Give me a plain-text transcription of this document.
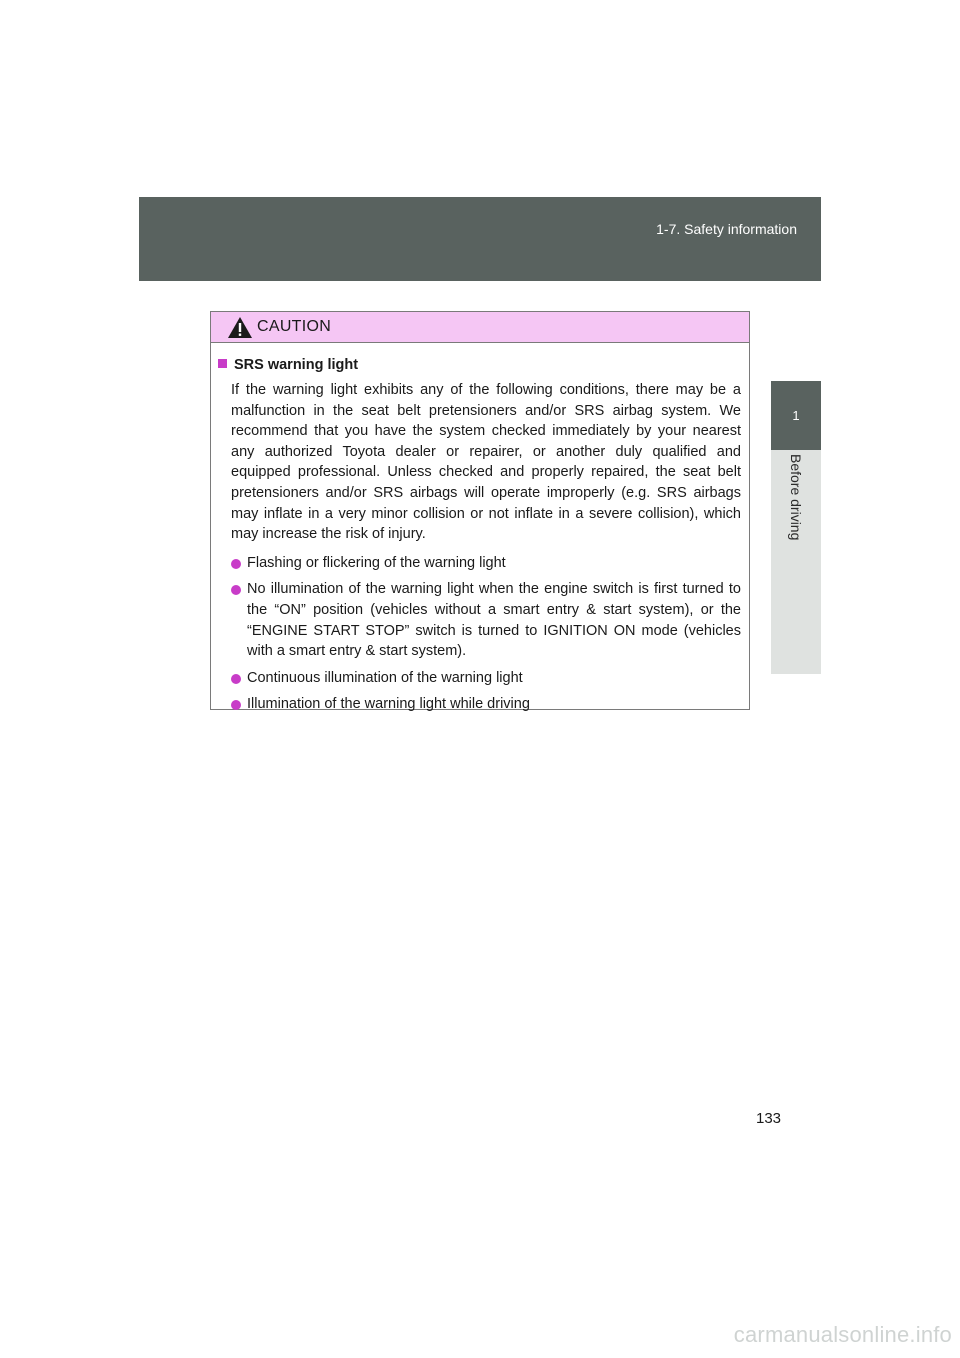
1-7. Safety information
1
Before driving
CAUTION
SRS warning light
If the warning light exhibits any of the following conditions, there may be a malfunction in the seat belt pretensioners and/or SRS airbag system. We recommend that you have the system checked immediately by your nearest any authorized Toyota dealer or repairer, or another duly qualified and equipped professional. Unless checked and properly repaired, the seat belt pretensioners and/or SRS airbags will operate improperly (e.g. SRS airbags may inflate in a very minor collision or not inflate in a severe collision), which may increase the risk of injury.
Flashing or flickering of the warning light
No illumination of the warning light when the engine switch is first turned to the “ON” position (vehicles without a smart entry & start system), or the “ENGINE START STOP” switch is turned to IGNITION ON mode (vehicles with a smart entry & start system).
Continuous illumination of the warning light
Illumination of the warning light while driving
133
carmanualsonline.info
